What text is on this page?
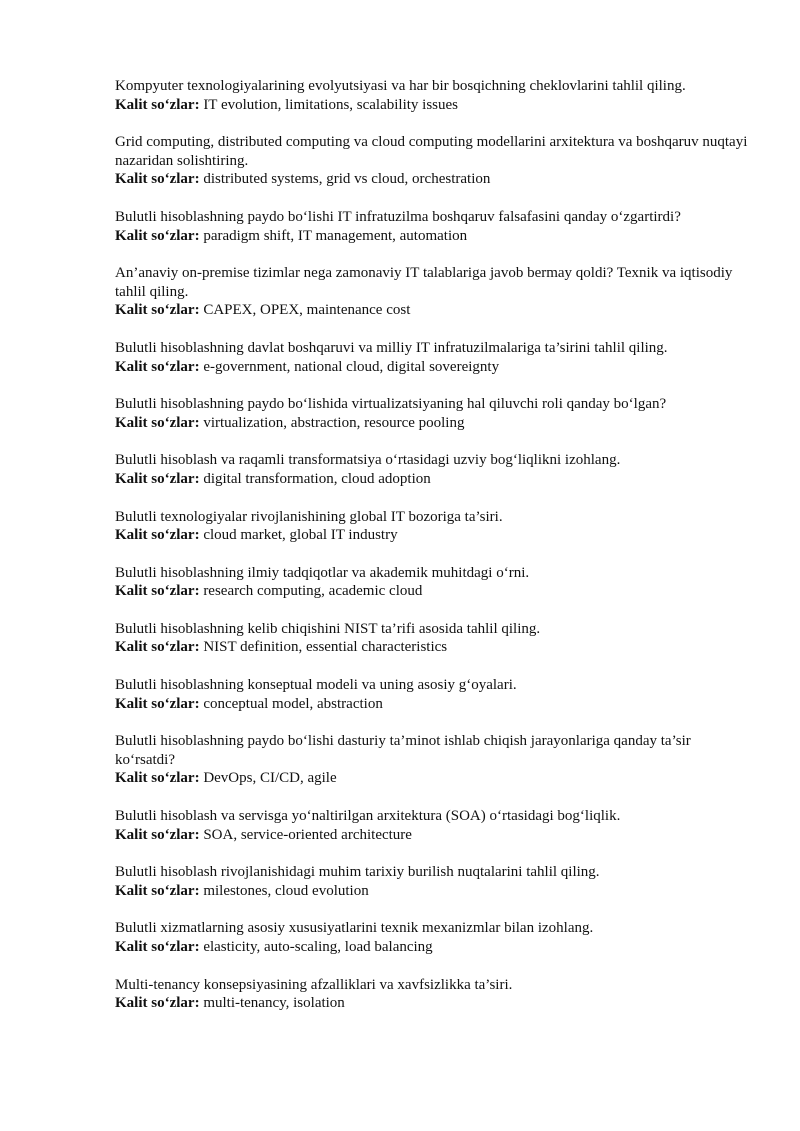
Kompyuter texnologiyalarining evolyutsiyasi va har bir bosqichning cheklovlarini tahlil qiling.
Kalit so‘zlar: IT evolution, limitations, scalability issues
Grid computing, distributed computing va cloud computing modellarini arxitektura va boshqaruv nuqtayi nazaridan solishtiring.
Kalit so‘zlar: distributed systems, grid vs cloud, orchestration
Bulutli hisoblashning paydo bo‘lishi IT infratuzilma boshqaruv falsafasini qanday o‘zgartirdi?
Kalit so‘zlar: paradigm shift, IT management, automation
An’anaviy on-premise tizimlar nega zamonaviy IT talablariga javob bermay qoldi? Texnik va iqtisodiy tahlil qiling.
Kalit so‘zlar: CAPEX, OPEX, maintenance cost
Bulutli hisoblashning davlat boshqaruvi va milliy IT infratuzilmalariga ta’sirini tahlil qiling.
Kalit so‘zlar: e-government, national cloud, digital sovereignty
Bulutli hisoblashning paydo bo‘lishida virtualizatsiyaning hal qiluvchi roli qanday bo‘lgan?
Kalit so‘zlar: virtualization, abstraction, resource pooling
Bulutli hisoblash va raqamli transformatsiya o‘rtasidagi uzviy bog‘liqlikni izohlang.
Kalit so‘zlar: digital transformation, cloud adoption
Bulutli texnologiyalar rivojlanishining global IT bozoriga ta’siri.
Kalit so‘zlar: cloud market, global IT industry
Bulutli hisoblashning ilmiy tadqiqotlar va akademik muhitdagi o‘rni.
Kalit so‘zlar: research computing, academic cloud
Bulutli hisoblashning kelib chiqishini NIST ta’rifi asosida tahlil qiling.
Kalit so‘zlar: NIST definition, essential characteristics
Bulutli hisoblashning konseptual modeli va uning asosiy g‘oyalari.
Kalit so‘zlar: conceptual model, abstraction
Bulutli hisoblashning paydo bo‘lishi dasturiy ta’minot ishlab chiqish jarayonlariga qanday ta’sir ko‘rsatdi?
Kalit so‘zlar: DevOps, CI/CD, agile
Bulutli hisoblash va servisga yo‘naltirilgan arxitektura (SOA) o‘rtasidagi bog‘liqlik.
Kalit so‘zlar: SOA, service-oriented architecture
Bulutli hisoblash rivojlanishidagi muhim tarixiy burilish nuqtalarini tahlil qiling.
Kalit so‘zlar: milestones, cloud evolution
Bulutli xizmatlarning asosiy xususiyatlarini texnik mexanizmlar bilan izohlang.
Kalit so‘zlar: elasticity, auto-scaling, load balancing
Multi-tenancy konsepsiyasining afzalliklari va xavfsizlikka ta’siri.
Kalit so‘zlar: multi-tenancy, isolation
